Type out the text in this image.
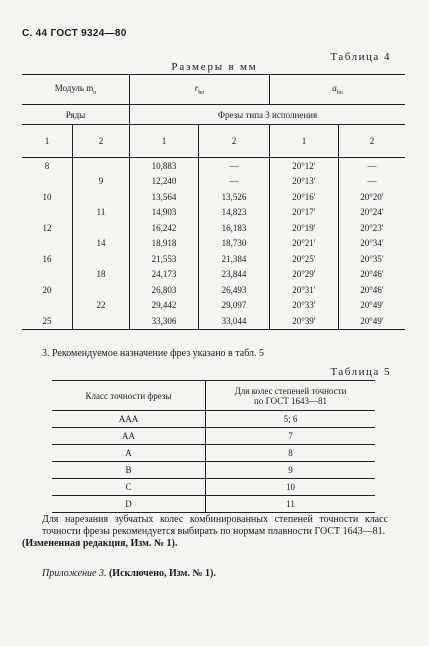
С. 44 ГОСТ 9324—80
Таблица 4
Размеры в мм
Модуль $m_o$		$r_{bo}$		$a_{bo}$
Ряды		Фрезы типа 3 исполнения			
1	2	1	2	1	2
8		10,883	—	20°12′	—
	9	12,240	—	20°13′	—
10		13,564	13,526	20°16′	20°20′
	11	14,903	14,823	20°17′	20°24′
12		16,242	16,183	20°19′	20°23′
	14	18,918	18,730	20°21′	20°34′
16		21,553	21,384	20°25′	20°35′
	18	24,173	23,844	20°29′	20°46′
20		26,803	26,493	20°31′	20°46′
	22	29,442	29,097	20°33′	20°49′
25		33,306	33,044	20°39′	20°49′
3. Рекомендуемое назначение фрез указано в табл. 5
Таблица 5
Класс точности фрезы	Для колес степеней точности
по ГОСТ 1643—81
AAA	5; 6
AA	7
A	8
B	9
C	10
D	11
Для нарезания зубчатых колес комбинированных степеней точности класс точности фрезы рекомендуется выбирать по нормам плавности ГОСТ 1643—81.
(Измененная редакция, Изм. № 1).
Приложение 3. (Исключено, Изм. № 1).
